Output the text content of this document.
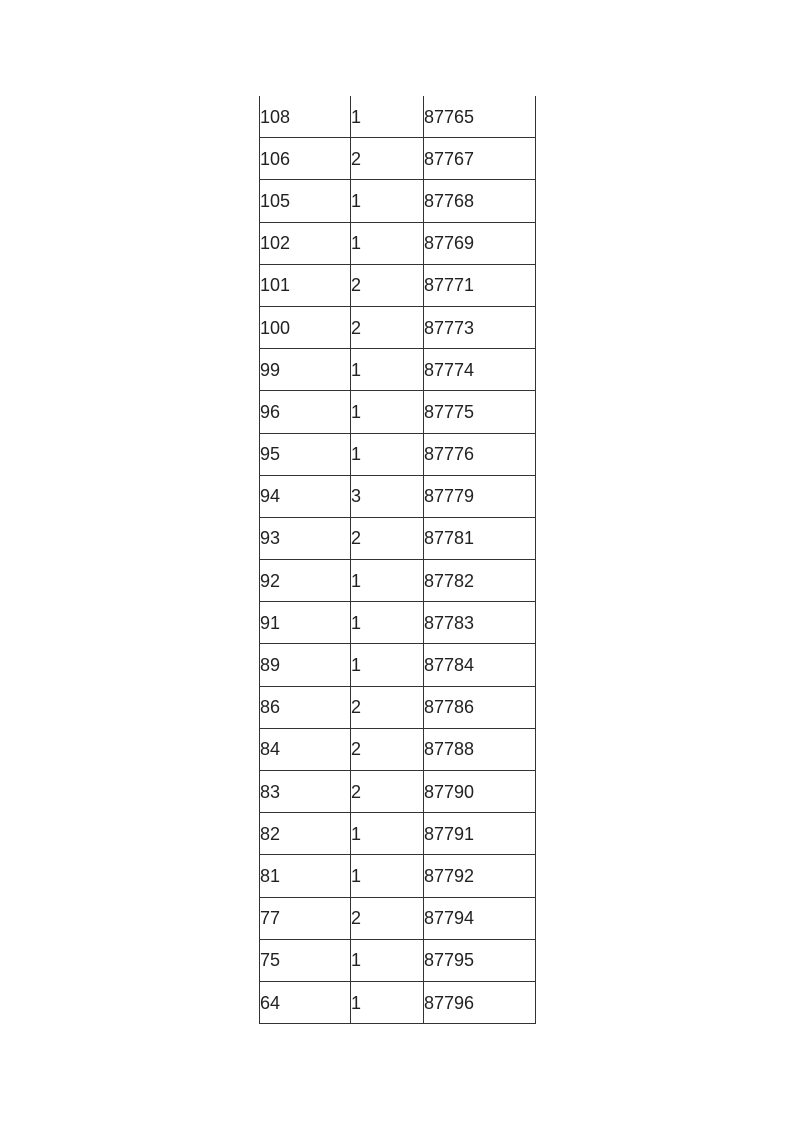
108	1	87765
106	2	87767
105	1	87768
102	1	87769
101	2	87771
100	2	87773
99	1	87774
96	1	87775
95	1	87776
94	3	87779
93	2	87781
92	1	87782
91	1	87783
89	1	87784
86	2	87786
84	2	87788
83	2	87790
82	1	87791
81	1	87792
77	2	87794
75	1	87795
64	1	87796
